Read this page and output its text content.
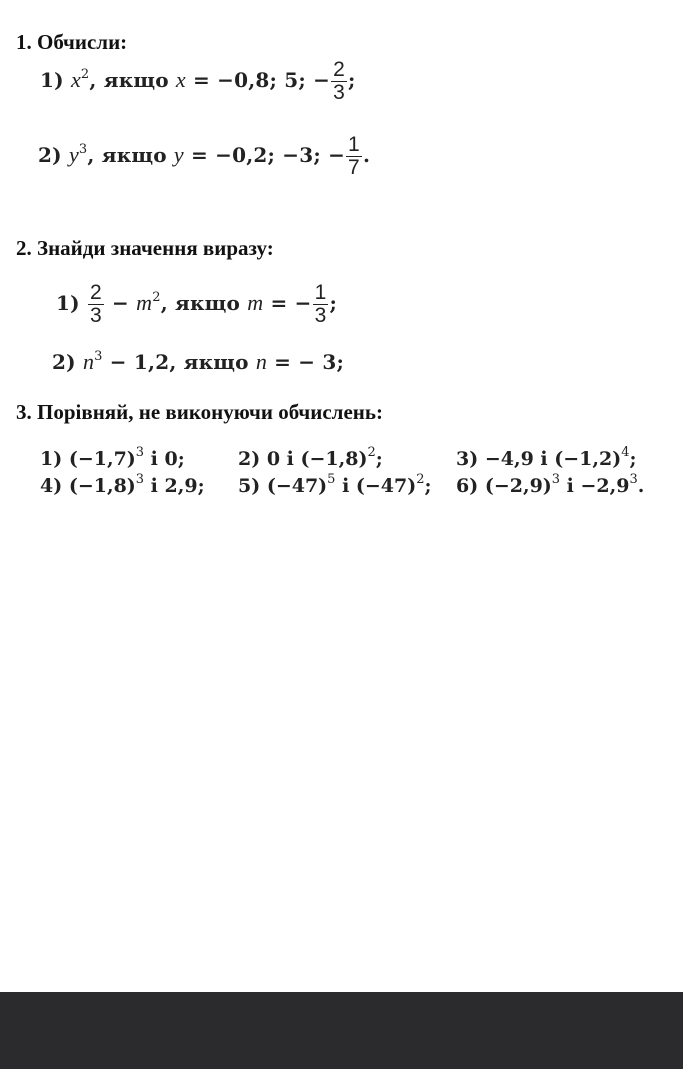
1. Обчисли:
1) $x^2$, якщо x = −0,8; 5; − $\frac{2}{3}$ ;
2) $y^3$, якщо y = −0,2; −3; − $\frac{1}{7}$ .
2. Знайди значення виразу:
$1) \frac{2}{3} - m^2$, якщо m = − $\frac{1}{3}$ ;
2) $n^3 - 1,2$, якщо n = − 3;
3. Порівняй, не виконуючи обчислень:
1) $(-1,7)^3$ і 0;	2) 0 і $(-1,8)^2$;	3) −4,9 і $(-1,2)^4$;
4) $(-1,8)^3$ і 2,9; 5) $(-47)^5$ і $(-47)^2$; 6) $(-2,9)^3$ $і -2,9^3$.
